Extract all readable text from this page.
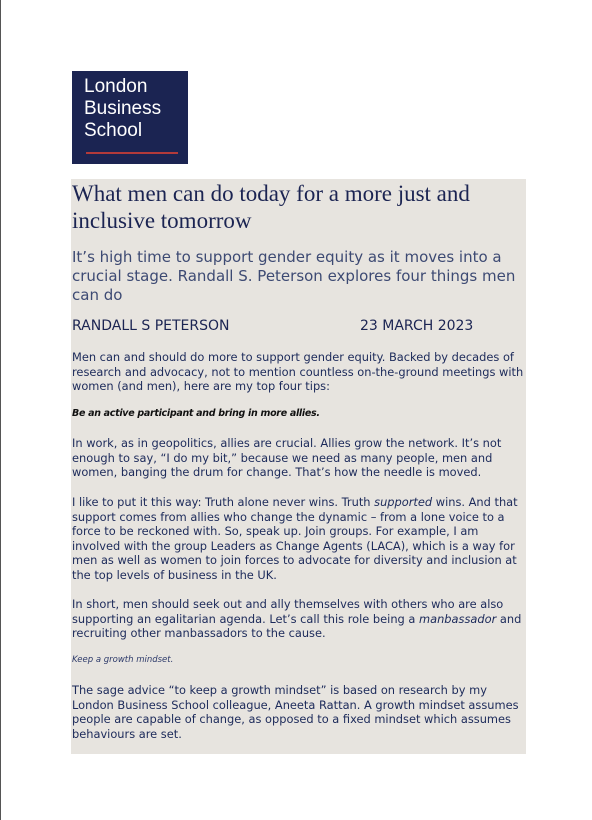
London
Business
School
What men can do today for a more just and inclusive tomorrow

It’s high time to support gender equity as it moves into a crucial stage. Randall S. Peterson explores four things men can do

RANDALL S PETERSON	23 MARCH 2023

Men can and should do more to support gender equity. Backed by decades of research and advocacy, not to mention countless on-the-ground meetings with women (and men), here are my top four tips:

Be an active participant and bring in more allies.

In work, as in geopolitics, allies are crucial. Allies grow the network. It’s not enough to say, “I do my bit,” because we need as many people, men and women, banging the drum for change. That’s how the needle is moved.

I like to put it this way: Truth alone never wins. Truth supported wins. And that support comes from allies who change the dynamic – from a lone voice to a force to be reckoned with. So, speak up. Join groups. For example, I am involved with the group Leaders as Change Agents (LACA), which is a way for men as well as women to join forces to advocate for diversity and inclusion at the top levels of business in the UK.

In short, men should seek out and ally themselves with others who are also supporting an egalitarian agenda. Let’s call this role being a manbassador and recruiting other manbassadors to the cause.

Keep a growth mindset.

The sage advice “to keep a growth mindset” is based on research by my London Business School colleague, Aneeta Rattan. A growth mindset assumes people are capable of change, as opposed to a fixed mindset which assumes behaviours are set.
